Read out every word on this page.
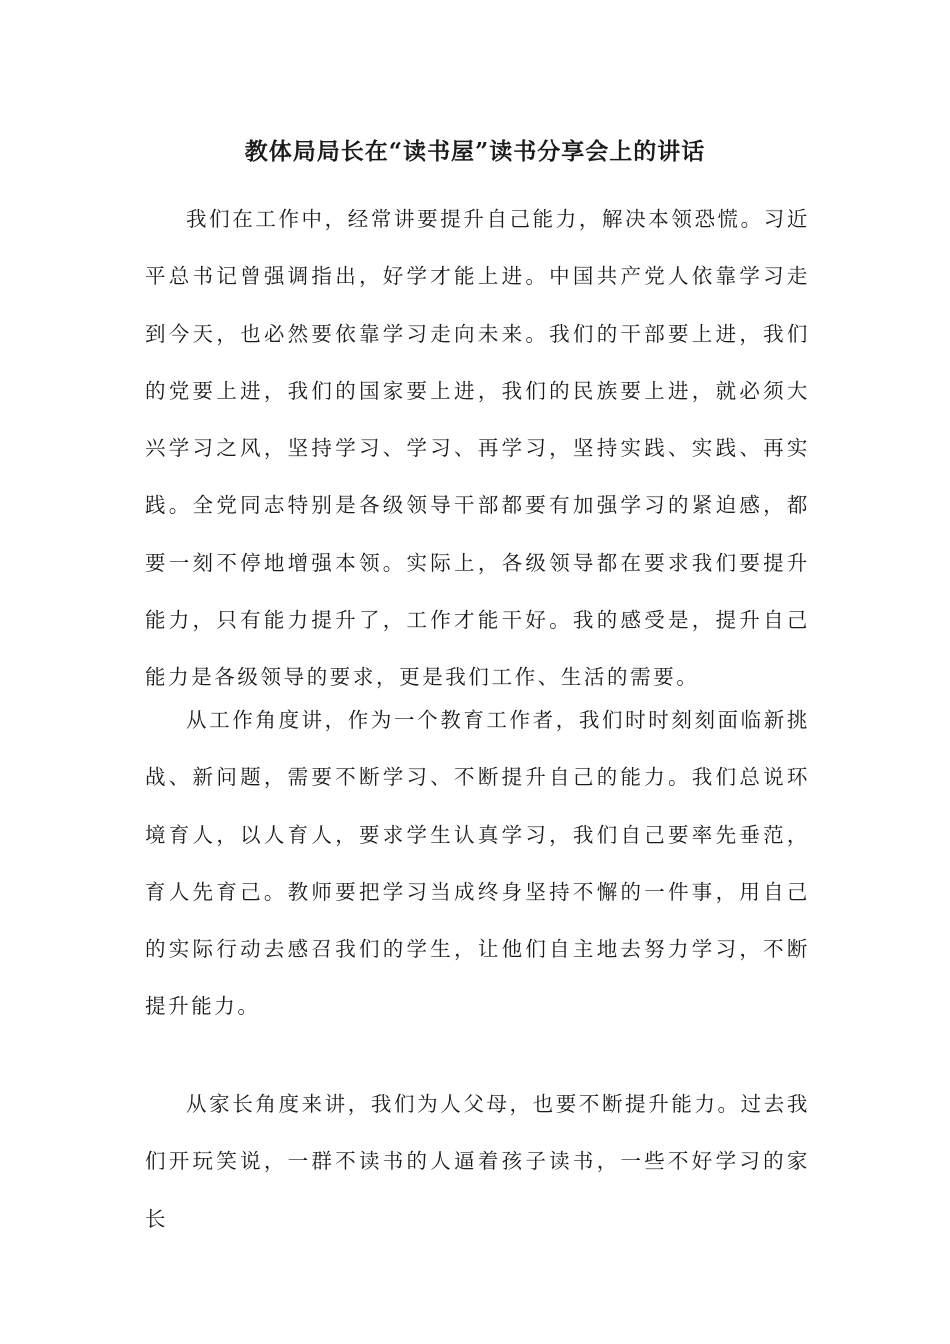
教体局局长在“读书屋”读书分享会上的讲话

我们在工作中，经常讲要提升自己能力，解决本领恐慌。习近平总书记曾强调指出，好学才能上进。中国共产党人依靠学习走到今天，也必然要依靠学习走向未来。我们的干部要上进，我们的党要上进，我们的国家要上进，我们的民族要上进，就必须大兴学习之风，坚持学习、学习、再学习，坚持实践、实践、再实践。全党同志特别是各级领导干部都要有加强学习的紧迫感，都要一刻不停地增强本领。实际上，各级领导都在要求我们要提升能力，只有能力提升了，工作才能干好。我的感受是，提升自己能力是各级领导的要求，更是我们工作、生活的需要。

从工作角度讲，作为一个教育工作者，我们时时刻刻面临新挑战、新问题，需要不断学习、不断提升自己的能力。我们总说环境育人，以人育人，要求学生认真学习，我们自己要率先垂范，育人先育己。教师要把学习当成终身坚持不懈的一件事，用自己的实际行动去感召我们的学生，让他们自主地去努力学习，不断提升能力。

从家长角度来讲，我们为人父母，也要不断提升能力。过去我们开玩笑说，一群不读书的人逼着孩子读书，一些不好学习的家长
